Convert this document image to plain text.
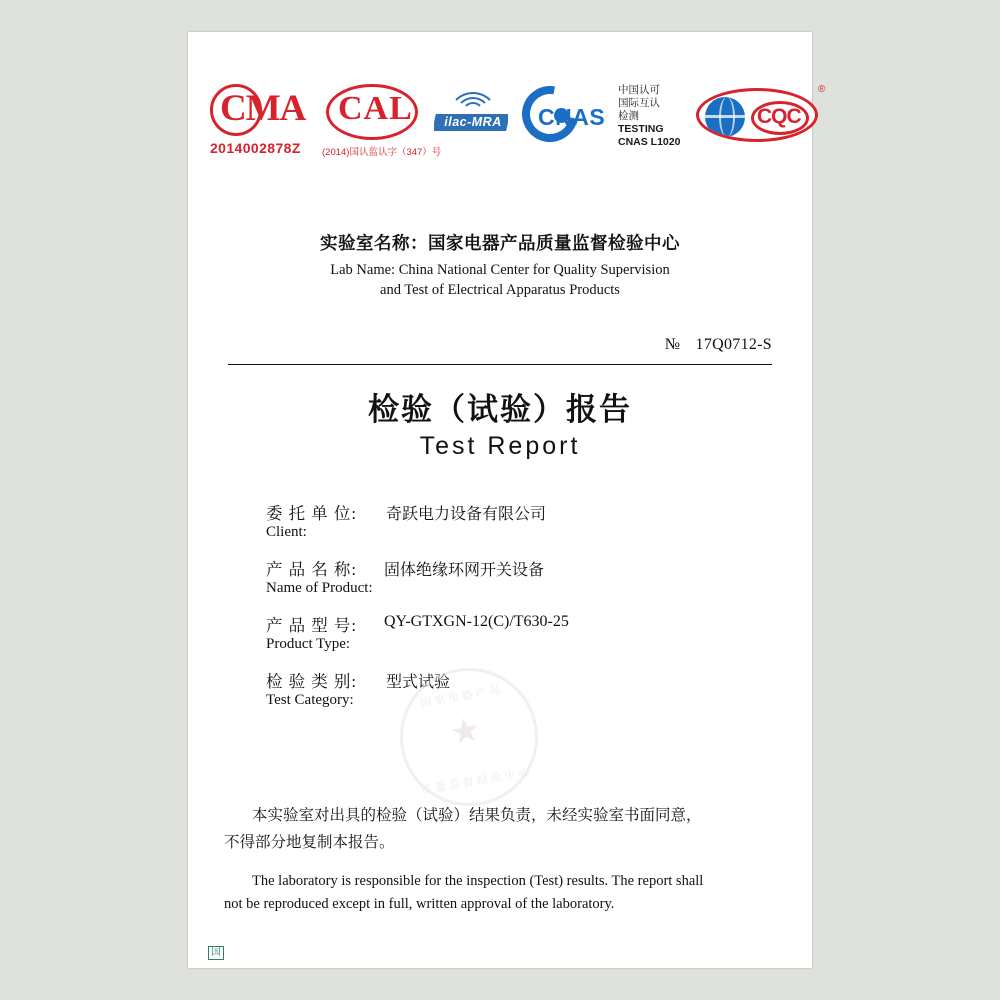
CMA
2014002878Z
CAL
(2014)国认监认字（347）号
ilac-MRA CNAS
中国认可
国际互认
检测
TESTING
CNAS L1020
CQC
®
实验室名称：国家电器产品质量监督检验中心
Lab Name: China National Center for Quality Supervision
and Test of Electrical Apparatus Products
№ 17Q0712-S
检验（试验）报告
Test Report
委 托 单 位:
Client:
奇跃电力设备有限公司
产 品 名 称:
Name of Product:
固体绝缘环网开关设备
产 品 型 号:
Product Type:
QY-GTXGN-12(C)/T630-25
检 验 类 别:
Test Category:
型式试验
国家电器产品
★
质量监督检验中心
本实验室对出具的检验（试验）结果负责，未经实验室书面同意，
不得部分地复制本报告。
The laboratory is responsible for the inspection (Test) results. The report shall
not be reproduced except in full, written approval of the laboratory.
国
